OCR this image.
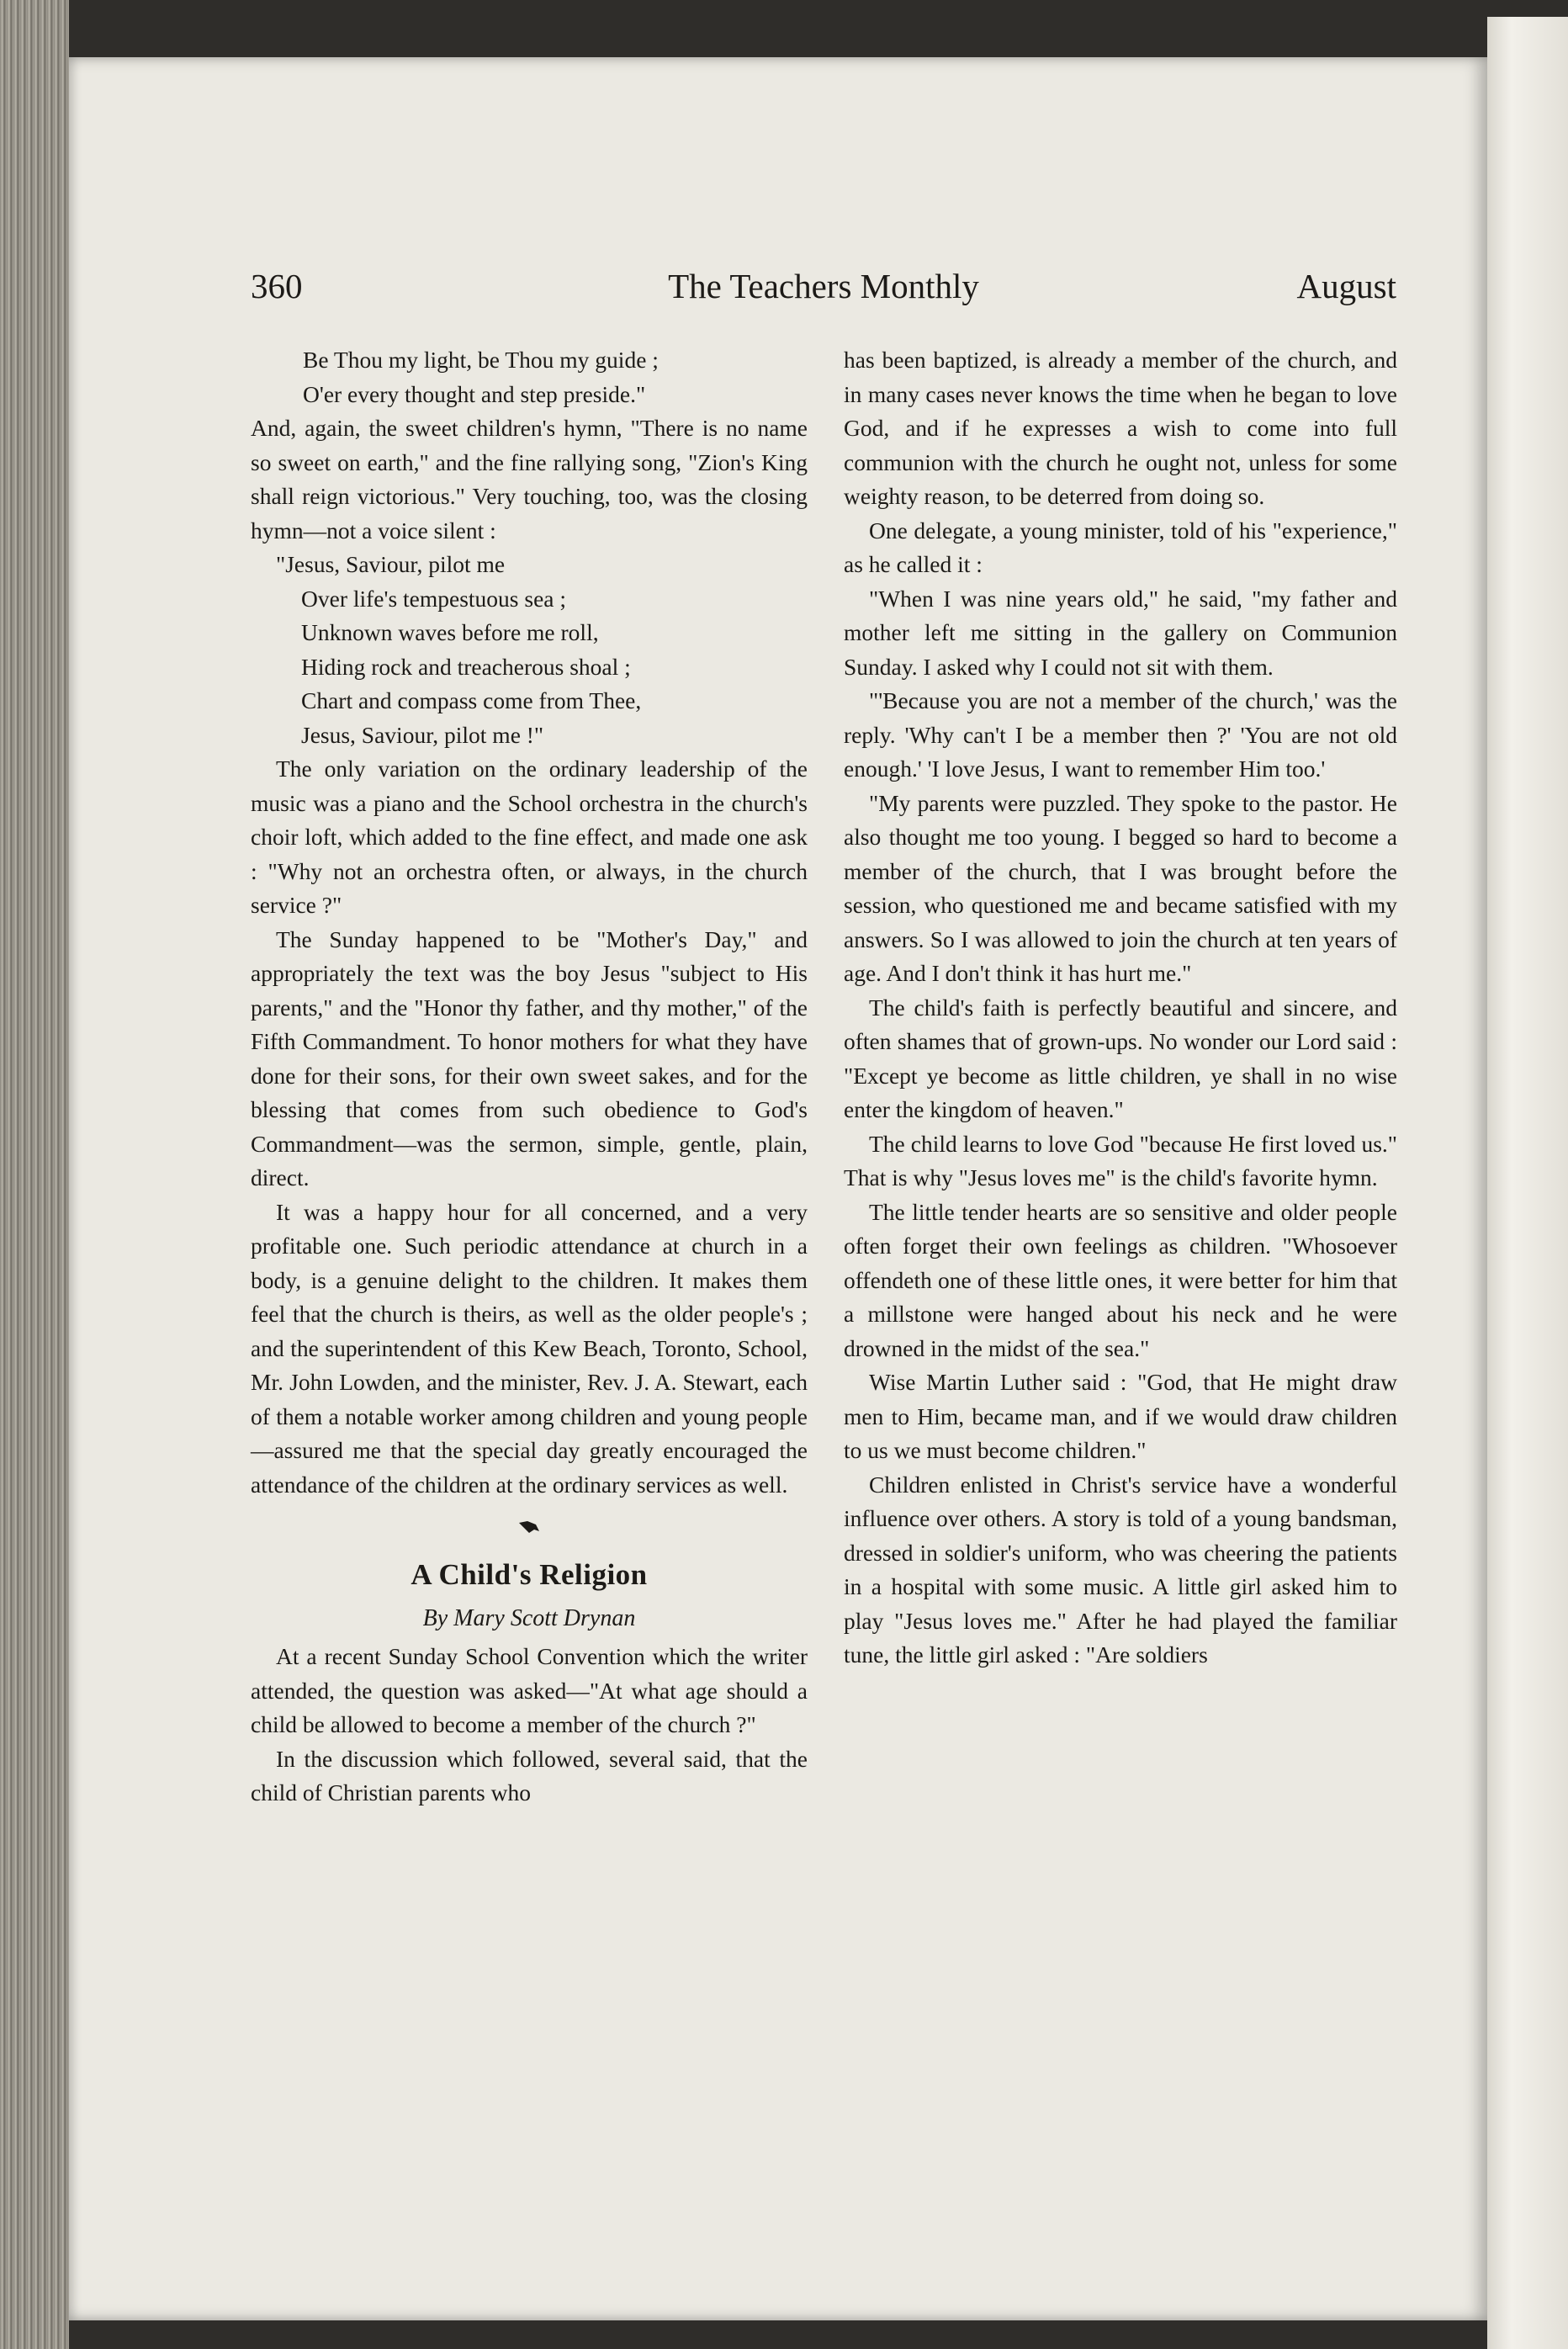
360	The Teachers Monthly	August
Be Thou my light, be Thou my guide ;
O'er every thought and step preside."

And, again, the sweet children's hymn, "There is no name so sweet on earth," and the fine rallying song, "Zion's King shall reign victorious." Very touching, too, was the closing hymn—not a voice silent :

"Jesus, Saviour, pilot me
Over life's tempestuous sea ;
Unknown waves before me roll,
Hiding rock and treacherous shoal ;
Chart and compass come from Thee,
Jesus, Saviour, pilot me !"

The only variation on the ordinary leadership of the music was a piano and the School orchestra in the church's choir loft, which added to the fine effect, and made one ask : "Why not an orchestra often, or always, in the church service ?"

The Sunday happened to be "Mother's Day," and appropriately the text was the boy Jesus "subject to His parents," and the "Honor thy father, and thy mother," of the Fifth Commandment. To honor mothers for what they have done for their sons, for their own sweet sakes, and for the blessing that comes from such obedience to God's Commandment—was the sermon, simple, gentle, plain, direct.

It was a happy hour for all concerned, and a very profitable one. Such periodic attendance at church in a body, is a genuine delight to the children. It makes them feel that the church is theirs, as well as the older people's ; and the superintendent of this Kew Beach, Toronto, School, Mr. John Lowden, and the minister, Rev. J. A. Stewart, each of them a notable worker among children and young people—assured me that the special day greatly encouraged the attendance of the children at the ordinary services as well.

A Child's Religion
By Mary Scott Drynan

At a recent Sunday School Convention which the writer attended, the question was asked—"At what age should a child be allowed to become a member of the church ?"

In the discussion which followed, several said, that the child of Christian parents who

has been baptized, is already a member of the church, and in many cases never knows the time when he began to love God, and if he expresses a wish to come into full communion with the church he ought not, unless for some weighty reason, to be deterred from doing so.

One delegate, a young minister, told of his "experience," as he called it :

"When I was nine years old," he said, "my father and mother left me sitting in the gallery on Communion Sunday. I asked why I could not sit with them.

"'Because you are not a member of the church,' was the reply. 'Why can't I be a member then ?' 'You are not old enough.' 'I love Jesus, I want to remember Him too.'

"My parents were puzzled. They spoke to the pastor. He also thought me too young. I begged so hard to become a member of the church, that I was brought before the session, who questioned me and became satisfied with my answers. So I was allowed to join the church at ten years of age. And I don't think it has hurt me."

The child's faith is perfectly beautiful and sincere, and often shames that of grown-ups. No wonder our Lord said : "Except ye become as little children, ye shall in no wise enter the kingdom of heaven."

The child learns to love God "because He first loved us." That is why "Jesus loves me" is the child's favorite hymn.

The little tender hearts are so sensitive and older people often forget their own feelings as children. "Whosoever offendeth one of these little ones, it were better for him that a millstone were hanged about his neck and he were drowned in the midst of the sea."

Wise Martin Luther said : "God, that He might draw men to Him, became man, and if we would draw children to us we must become children."

Children enlisted in Christ's service have a wonderful influence over others. A story is told of a young bandsman, dressed in soldier's uniform, who was cheering the patients in a hospital with some music. A little girl asked him to play "Jesus loves me." After he had played the familiar tune, the little girl asked : "Are soldiers
